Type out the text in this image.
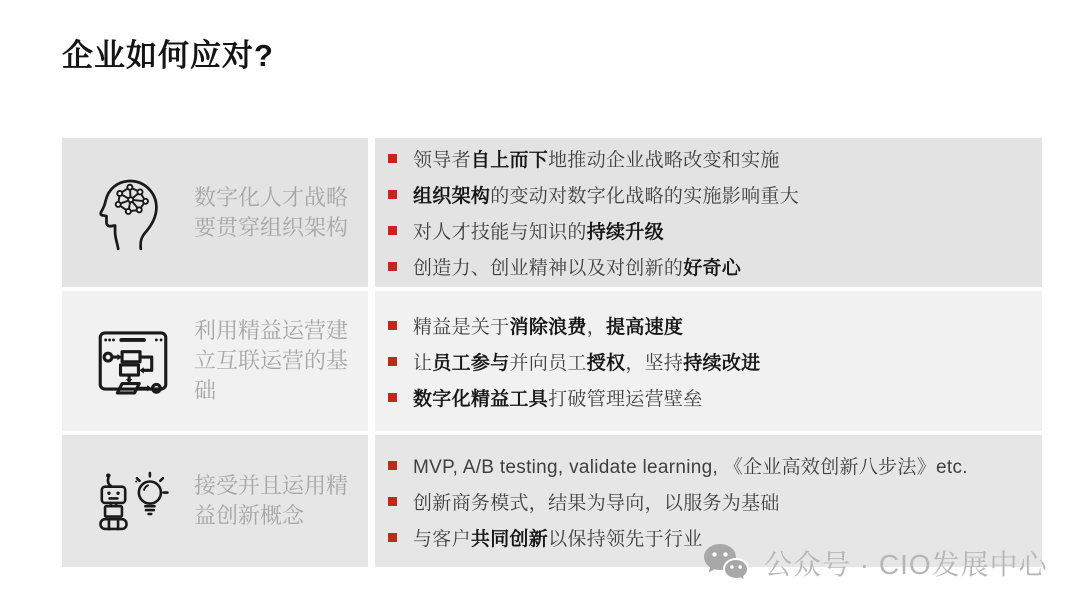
企业如何应对?
数字化人才战略要贯穿组织架构
领导者自上而下地推动企业战略改变和实施
组织架构的变动对数字化战略的实施影响重大
对人才技能与知识的持续升级
创造力、创业精神以及对创新的好奇心
利用精益运营建立互联运营的基础
精益是关于消除浪费，提高速度
让员工参与并向员工授权，坚持持续改进
数字化精益工具打破管理运营壁垒
接受并且运用精益创新概念
MVP, A/B testing, validate learning, 《企业高效创新八步法》etc.
创新商务模式，结果为导向，以服务为基础
与客户共同创新以保持领先于行业
公众号 · CIO发展中心
